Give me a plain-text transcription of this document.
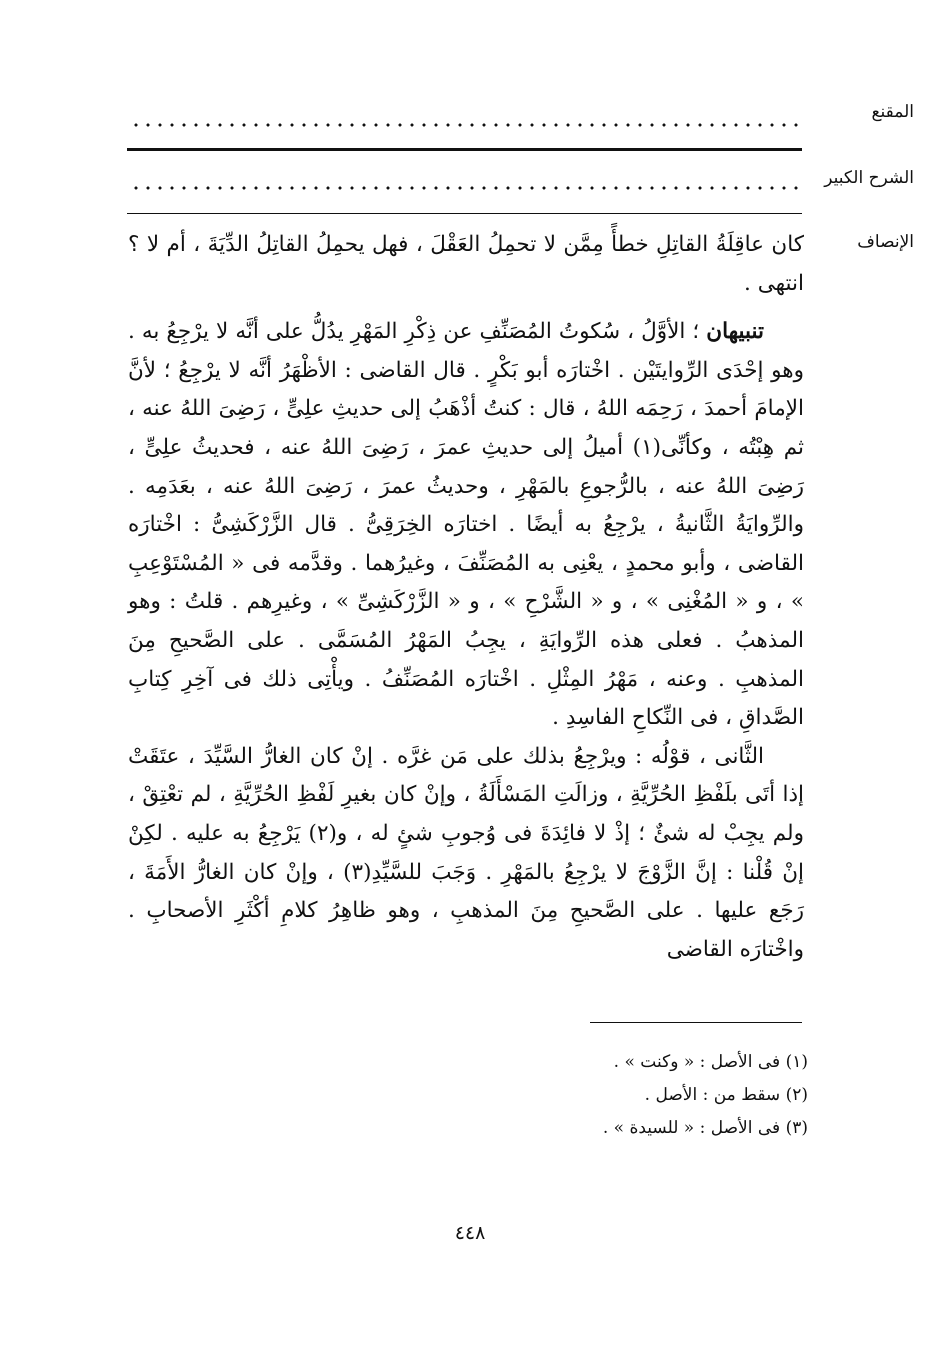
المقنع
الشرح الكبير
الإنصاف

كان عاقِلَةُ القاتِلِ خطأً مِمَّن لا تحمِلُ العَقْلَ ، فهل يحمِلُ القاتِلُ الدِّيَةَ ، أم لا ؟ انتهى .

تنبيهان ؛ الأوَّلُ ، سُكوتُ المُصَنِّفِ عن ذِكْرِ المَهْرِ يدُلُّ على أنَّه لا يرْجِعُ به . وهو إحْدَى الرِّوايتَيْن . اخْتارَه أبو بَكْرٍ . قال القاضى : الأظْهَرُ أنَّه لا يرْجِعُ ؛ لأنَّ الإمامَ أحمدَ ، رَحِمَه اللهُ ، قال : كنتُ أذْهَبُ إلى حديثِ علِىٍّ ، رَضِىَ اللهُ عنه ، ثم هِبْتُه ، وكأنِّى(١) أميلُ إلى حديثِ عمرَ ، رَضِىَ اللهُ عنه ، فحديثُ علِىٍّ ، رَضِىَ اللهُ عنه ، بالرُّجوعِ بالمَهْرِ ، وحديثُ عمرَ ، رَضِىَ اللهُ عنه ، بعَدَمِه . والرِّوايَةُ الثَّانيةُ ، يرْجِعُ به أيضًا . اختارَه الخِرَقِىُّ . قال الزَّرْكَشِىُّ : اخْتارَه القاضى ، وأبو محمدٍ ، يعْنِى به المُصَنِّفَ ، وغيرُهما . وقدَّمه فى « المُسْتَوْعِبِ » ، و « المُغْنِى » ، و « الشَّرْحِ » ، و « الزَّرْكَشِىِّ » ، وغيرِهم . قلتُ : وهو المذهبُ . فعلى هذه الرِّوايَةِ ، يجِبُ المَهْرُ المُسَمَّى . على الصَّحيحِ مِنَ المذهبِ . وعنه ، مَهْرُ المِثْلِ . اخْتارَه المُصَنِّفُ . ويأْتِى ذلك فى آخِرِ كِتابِ الصَّداقِ ، فى النِّكاحِ الفاسِدِ .

الثَّانى ، قوْلُه : ويرْجِعُ بذلك على مَن غرَّه . إنْ كان الغارُّ السَّيِّدَ ، عتَقَتْ إذا أتَى بلَفْظِ الحُرِّيَّةِ ، وزالَتِ المَسْأَلَةُ ، وإنْ كان بغيرِ لَفْظِ الحُرِّيَّةِ ، لم تعْتِقْ ، ولم يجِبْ له شئٌ ؛ إذْ لا فائِدَةَ فى وُجوبِ شئٍ له ، و(٢) يَرْجِعُ به عليه . لكِنْ إنْ قُلْنا : إنَّ الزَّوْجَ لا يرْجِعُ بالمَهْرِ . وَجَبَ للسَّيِّدِ(٣) ، وإنْ كان الغارُّ الأَمَةَ ، رَجَع عليها . على الصَّحيحِ مِنَ المذهبِ ، وهو ظاهِرُ كلامِ أكْثَرِ الأصحابِ . واخْتارَه القاضى

(١) فى الأصل : « وكنت » .
(٢) سقط من : الأصل .
(٣) فى الأصل : « للسيدة » .
٤٤٨
